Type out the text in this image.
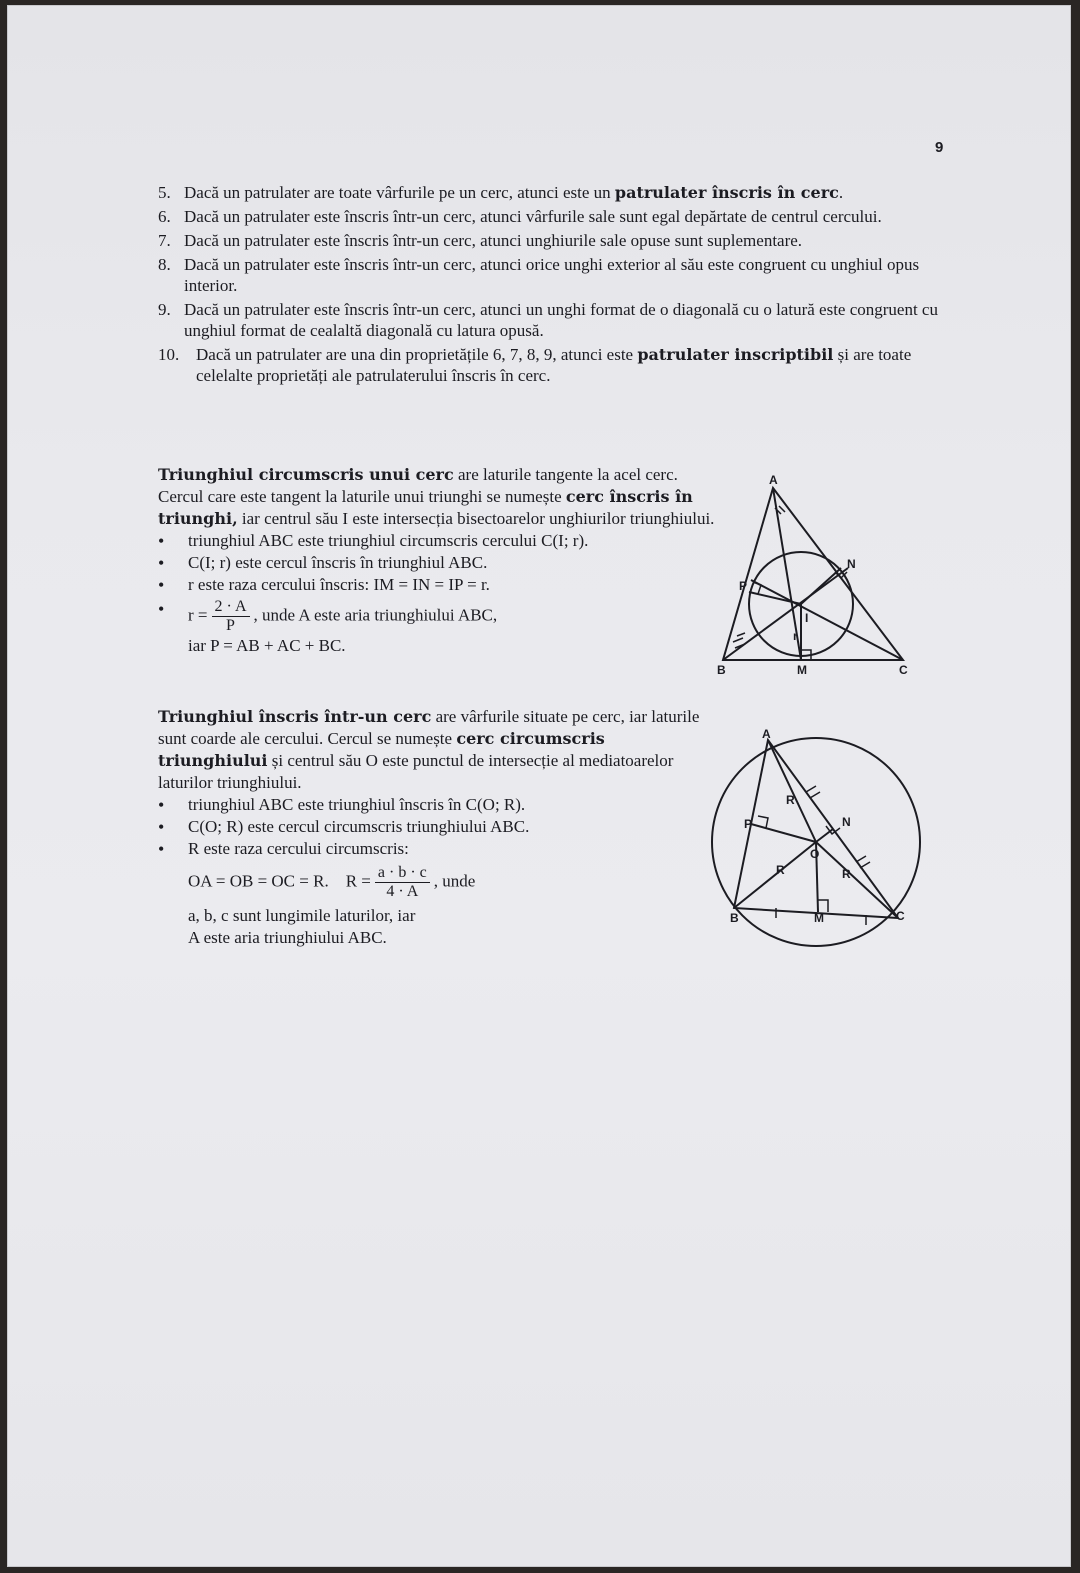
9
5. Dacă un patrulater are toate vârfurile pe un cerc, atunci este un patrulater înscris în cerc.
6. Dacă un patrulater este înscris într-un cerc, atunci vârfurile sale sunt egal depărtate de centrul cercului.
7. Dacă un patrulater este înscris într-un cerc, atunci unghiurile sale opuse sunt suplementare.
8. Dacă un patrulater este înscris într-un cerc, atunci orice unghi exterior al său este congruent cu unghiul opus interior.
9. Dacă un patrulater este înscris într-un cerc, atunci un unghi format de o diagonală cu o latură este congruent cu unghiul format de cealaltă diagonală cu latura opusă.
10. Dacă un patrulater are una din proprietățile 6, 7, 8, 9, atunci este patrulater inscriptibil și are toate celelalte proprietăți ale patrulaterului înscris în cerc.

Triunghiul circumscris unui cerc are laturile tangente la acel cerc. Cercul care este tangent la laturile unui triunghi se numește cerc înscris în triunghi, iar centrul său I este intersecția bisectoarelor unghiurilor triunghiului.

• triunghiul ABC este triunghiul circumscris cercului C(I; r).

• C(I; r) este cercul înscris în triunghiul ABC.

• r este raza cercului înscris: IM = IN = IP = r.

• $r = \frac{2 \cdot A}{P}$ , unde A este aria triunghiului ABC,

iar P = AB + AC + BC.

Triunghiul înscris într-un cerc are vârfurile situate pe cerc, iar laturile sunt coarde ale cercului. Cercul se numește cerc circumscris triunghiului și centrul său O este punctul de intersecție al mediatoarelor laturilor triunghiului.

• triunghiul ABC este triunghiul înscris în C(O; R).

• C(O; R) este cercul circumscris triunghiului ABC.

• R este raza cercului circumscris:

OA = OB = OC = R. $R = \frac{a \cdot b \cdot c}{4 \cdot A}$ , unde

a, b, c sunt lungimile laturilor, iar

A este aria triunghiului ABC.

A
B	C
M
N
P
I
r
A
B	C
M
N
P
O
R
R	R
